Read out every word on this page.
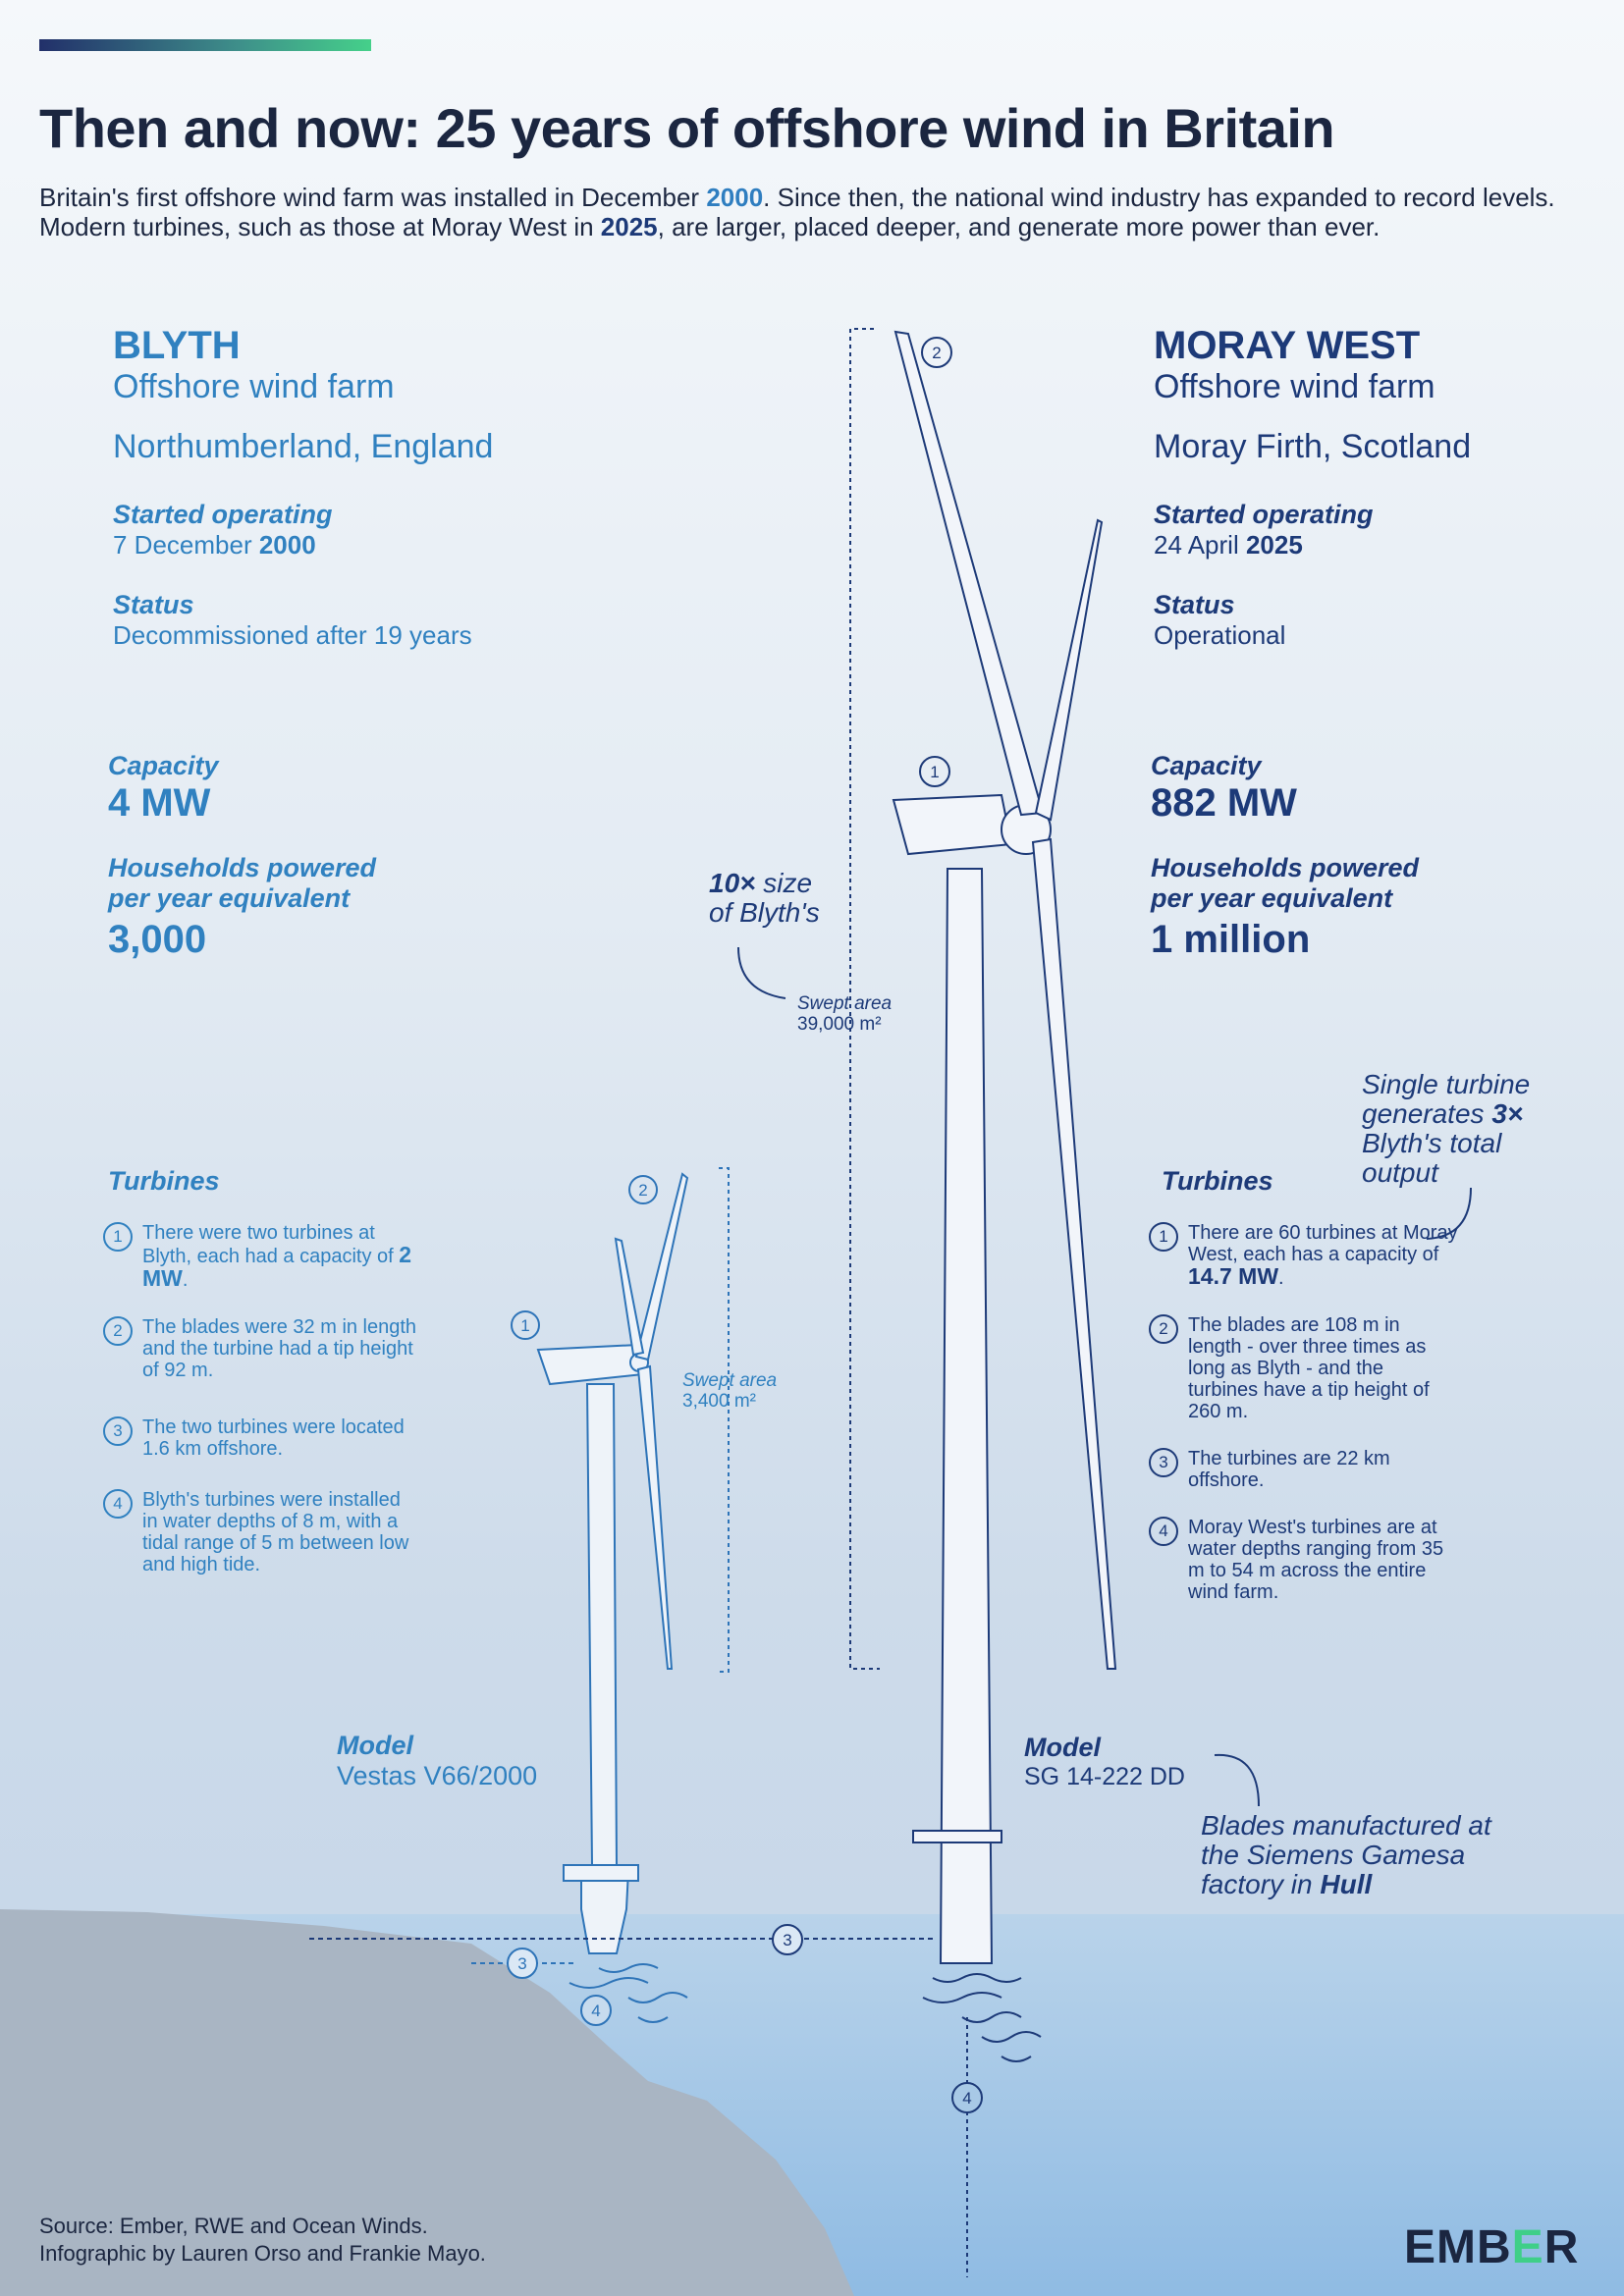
1
2
1
2
3
3
4
4
Then and now: 25 years of offshore wind in Britain
Britain's first offshore wind farm was installed in December 2000. Since then, the national wind industry has expanded to record levels. Modern turbines, such as those at Moray West in 2025, are larger, placed deeper, and generate more power than ever.
BLYTH
Offshore wind farm
Northumberland, England
Started operating
7 December 2000
Status
Decommissioned after 19 years
Capacity
4 MW
Households powered
per year equivalent
3,000
Turbines
1	There were two turbines at Blyth, each had a capacity of 2 MW.
2	The blades were 32 m in length and the turbine had a tip height of 92 m.
3	The two turbines were located 1.6 km offshore.
4	Blyth's turbines were installed in water depths of 8 m, with a tidal range of 5 m between low and high tide.
Model
Vestas V66/2000
Swept area
3,400 m²
MORAY WEST
Offshore wind farm
Moray Firth, Scotland
Started operating
24 April 2025
Status
Operational
Capacity
882 MW
Households powered
per year equivalent
1 million
Turbines
1	There are 60 turbines at Moray West, each has a capacity of 14.7 MW.
2	The blades are 108 m in length - over three times as long as Blyth - and the turbines have a tip height of 260 m.
3	The turbines are 22 km offshore.
4	Moray West's turbines are at water depths ranging from 35 m to 54 m across the entire wind farm.
Model
SG 14-222 DD
Swept area
39,000 m²
10× size
of Blyth's
Single turbine
generates 3×
Blyth's total
output
Blades manufactured at
the Siemens Gamesa
factory in Hull
Source: Ember, RWE and Ocean Winds.
Infographic by Lauren Orso and Frankie Mayo.	EMBER
